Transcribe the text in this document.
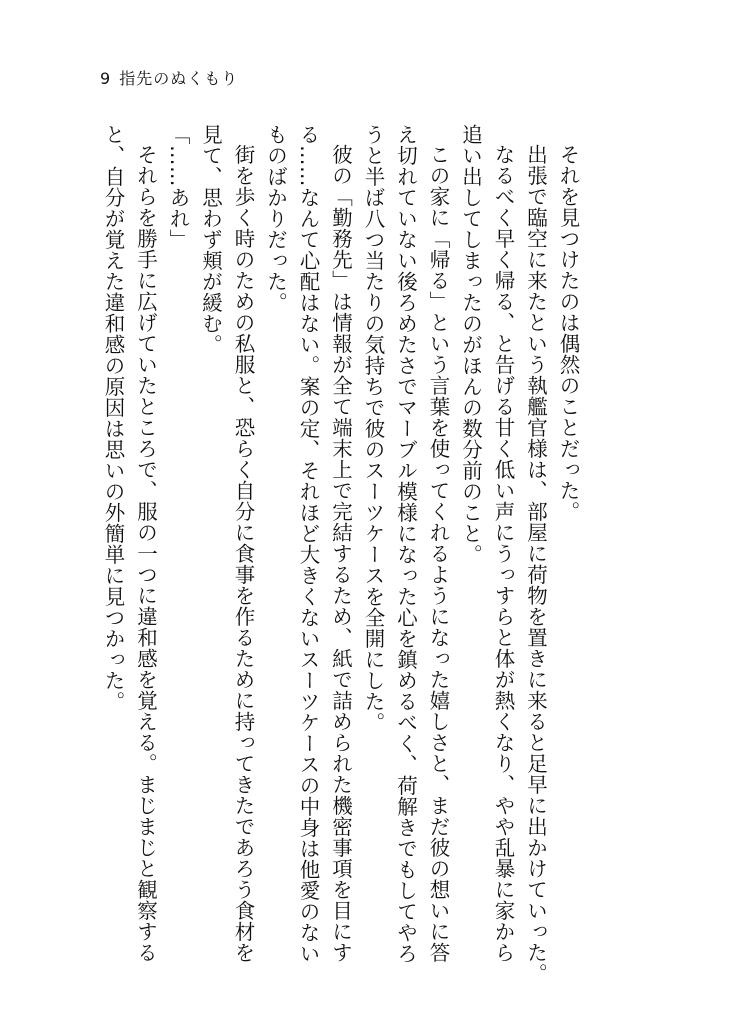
9 指先のぬくもり

それを見つけたのは偶然のことだった。

出張で臨空に来たという執艦官様は、部屋に荷物を置きに来ると足早に出かけていった。

なるべく早く帰る、と告げる甘く低い声にうっすらと体が熱くなり、やや乱暴に家から

追い出してしまったのがほんの数分前のこと。

この家に「帰る」という言葉を使ってくれるようになった嬉しさと、まだ彼の想いに答

え切れていない後ろめたさでマーブル模様になった心を鎮めるべく、荷解きでもしてやろ

うと半ば八つ当たりの気持ちで彼のスーツケースを全開にした。

彼の「勤務先」は情報が全て端末上で完結するため、紙で詰められた機密事項を目にす

る……なんて心配はない。案の定、それほど大きくないスーツケースの中身は他愛のない

ものばかりだった。

街を歩く時のための私服と、恐らく自分に食事を作るために持ってきたであろう食材を

見て、思わず頬が緩む。

「……あれ」

それらを勝手に広げていたところで、服の一つに違和感を覚える。まじまじと観察する

と、自分が覚えた違和感の原因は思いの外簡単に見つかった。
